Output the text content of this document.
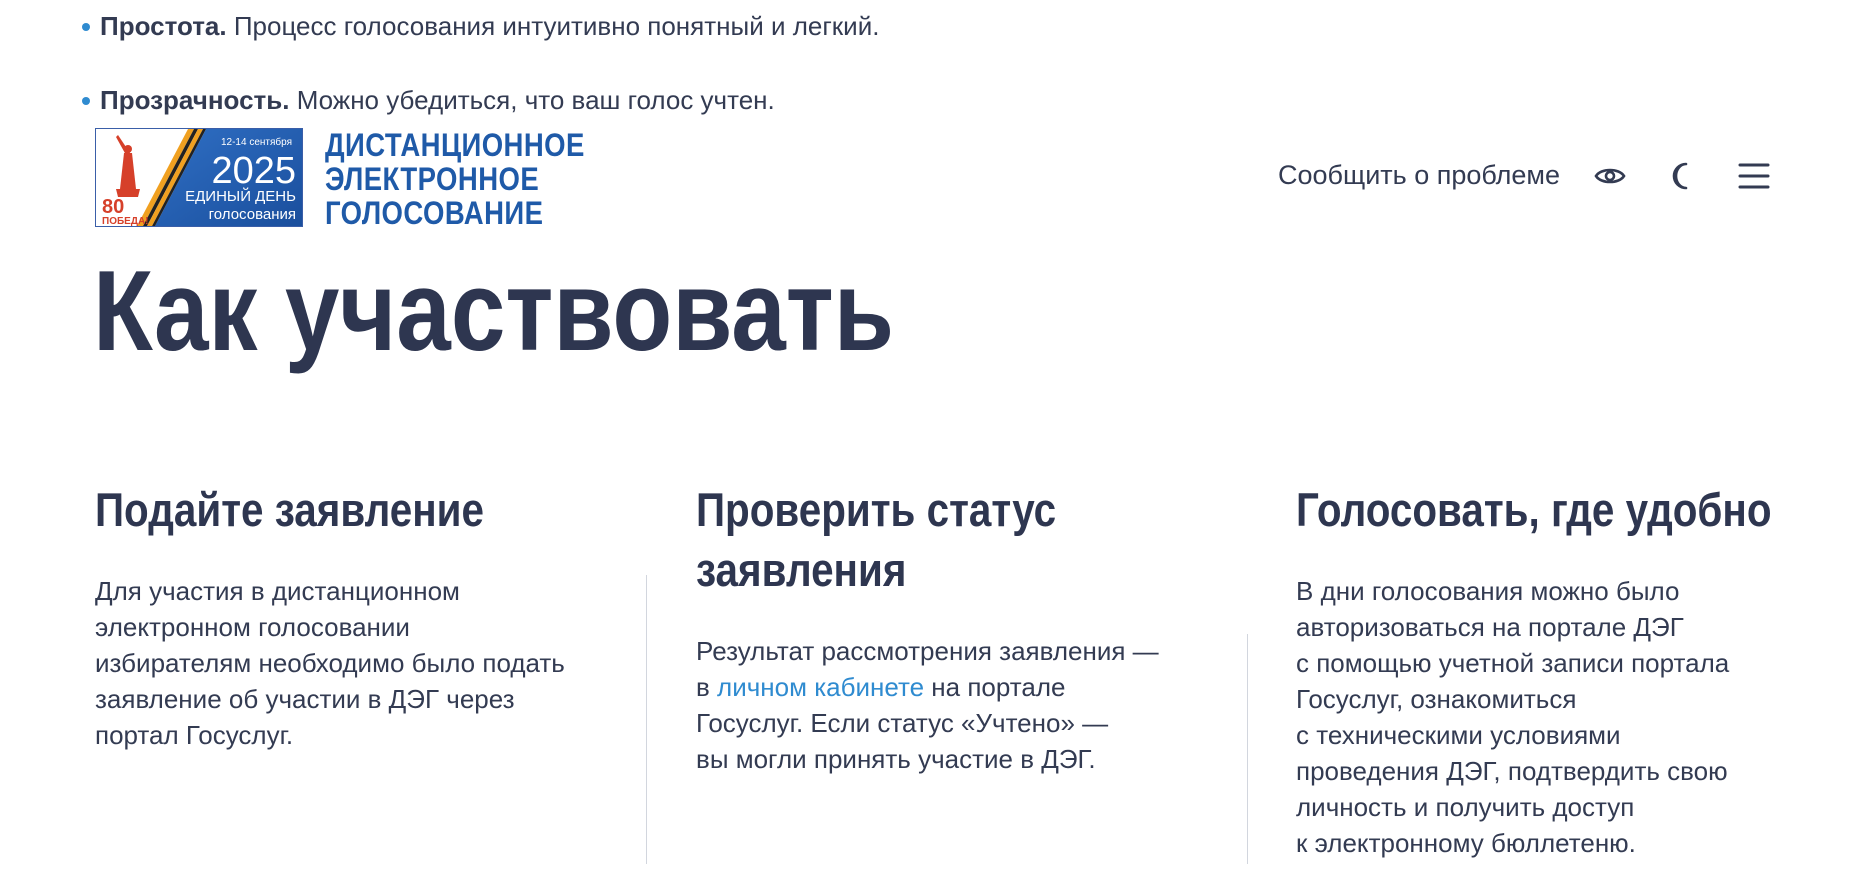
Простота. Процесс голосования интуитивно понятный и легкий.
Прозрачность. Можно убедиться, что ваш голос учтен.
80
ПОБЕДА!
12-14 сентября
2025
ЕДИНЫЙ ДЕНЬ
голосования
ДИСТАНЦИОННОЕ
ЭЛЕКТРОННОЕ
ГОЛОСОВАНИЕ
Сообщить о проблеме
Как участвовать
Подайте заявление
Для участия в дистанционном
электронном голосовании
избирателям необходимо было подать
заявление об участии в ДЭГ через
портал Госуслуг.
Проверить статус
заявления
Результат рассмотрения заявления —
в личном кабинете на портале
Госуслуг. Если статус «Учтено» —
вы могли принять участие в ДЭГ.
Голосовать, где удобно
В дни голосования можно было
авторизоваться на портале ДЭГ
с помощью учетной записи портала
Госуслуг, ознакомиться
с техническими условиями
проведения ДЭГ, подтвердить свою
личность и получить доступ
к электронному бюллетеню.
